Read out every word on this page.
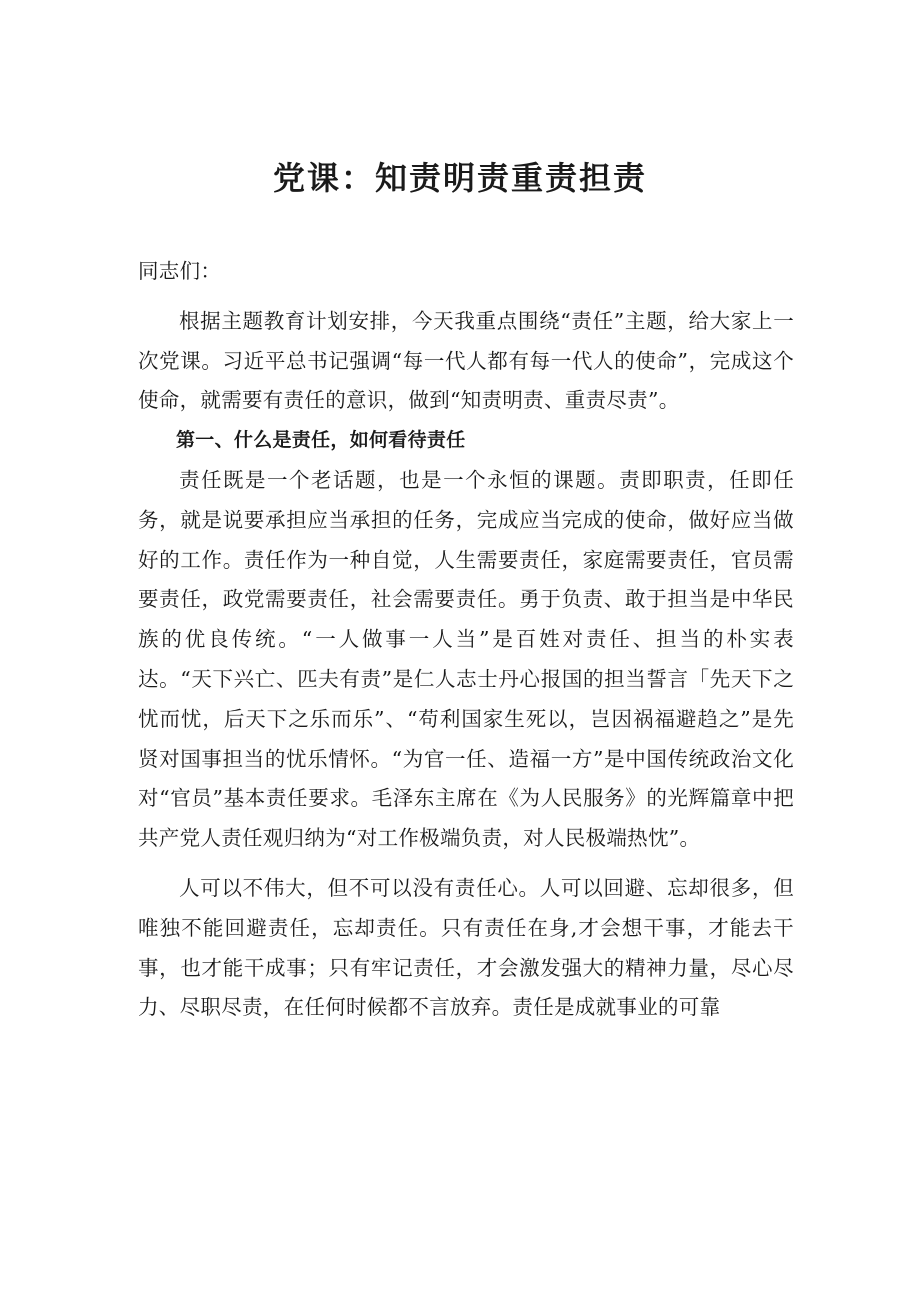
党课：知责明责重责担责

同志们：

根据主题教育计划安排，今天我重点围绕“责任”主题，给大家上一次党课。习近平总书记强调“每一代人都有每一代人的使命”，完成这个使命，就需要有责任的意识，做到“知责明责、重责尽责”。

第一、什么是责任，如何看待责任

责任既是一个老话题，也是一个永恒的课题。责即职责，任即任务，就是说要承担应当承担的任务，完成应当完成的使命，做好应当做好的工作。责任作为一种自觉，人生需要责任，家庭需要责任，官员需要责任，政党需要责任，社会需要责任。勇于负责、敢于担当是中华民族的优良传统。“一人做事一人当”是百姓对责任、担当的朴实表达。“天下兴亡、匹夫有责”是仁人志士丹心报国的担当誓言「先天下之忧而忧，后天下之乐而乐”、“苟利国家生死以，岂因祸福避趋之”是先贤对国事担当的忧乐情怀。“为官一任、造福一方”是中国传统政治文化对“官员”基本责任要求。毛泽东主席在《为人民服务》的光辉篇章中把共产党人责任观归纳为“对工作极端负责，对人民极端热忱”。

人可以不伟大，但不可以没有责任心。人可以回避、忘却很多，但唯独不能回避责任，忘却责任。只有责任在身,才会想干事，才能去干事，也才能干成事；只有牢记责任，才会激发强大的精神力量，尽心尽力、尽职尽责，在任何时候都不言放弃。责任是成就事业的可靠
